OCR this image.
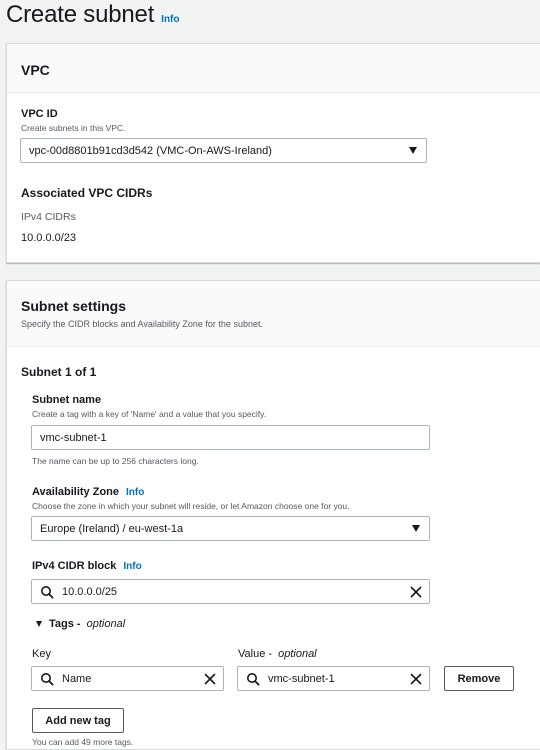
Create subnet Info
VPC
VPC ID
Create subnets in this VPC.
vpc-00d8801b91cd3d542 (VMC-On-AWS-Ireland)
Associated VPC CIDRs
IPv4 CIDRs
10.0.0.0/23
Subnet settings
Specify the CIDR blocks and Availability Zone for the subnet.
Subnet 1 of 1
Subnet name
Create a tag with a key of 'Name' and a value that you specify.
vmc-subnet-1
The name can be up to 256 characters long.
Availability Zone Info
Choose the zone in which your subnet will reside, or let Amazon choose one for you.
Europe (Ireland) / eu-west-1a
IPv4 CIDR block Info
10.0.0.0/25
Tags - optional
Key	Value - optional
Name	vmc-subnet-1	Remove
Add new tag
You can add 49 more tags.
